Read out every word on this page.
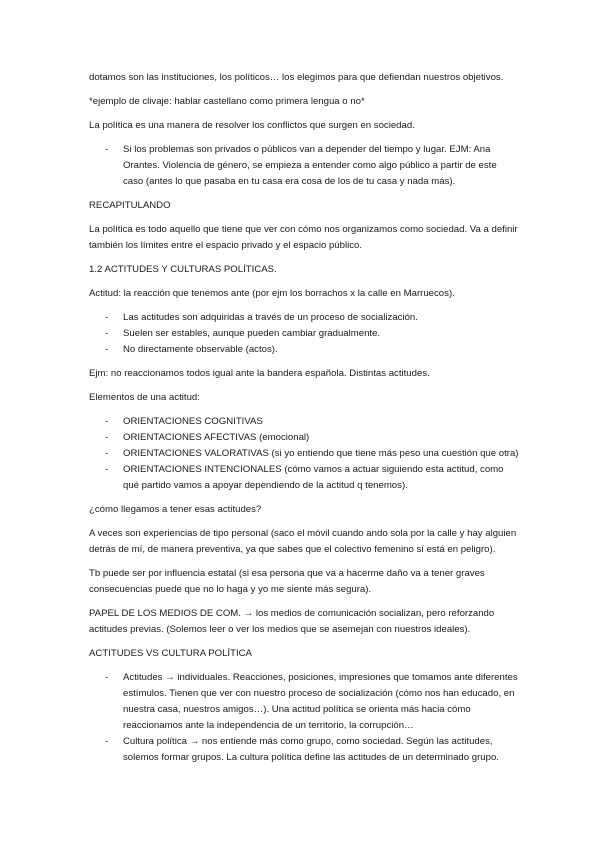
dotamos son las instituciones, los políticos… los elegimos para que defiendan nuestros objetivos.
*ejemplo de clivaje: hablar castellano como primera lengua o no*
La política es una manera de resolver los conflictos que surgen en sociedad.
- Si los problemas son privados o públicos van a depender del tiempo y lugar. EJM: Ana Orantes. Violencia de género, se empieza a entender como algo público a partir de este caso (antes lo que pasaba en tu casa era cosa de los de tu casa y nada más).
RECAPITULANDO
La política es todo aquello que tiene que ver con cómo nos organizamos como sociedad. Va a definir también los límites entre el espacio privado y el espacio público.
1.2 ACTITUDES Y CULTURAS POLÍTICAS.
Actitud: la reacción que tenemos ante (por ejm los borrachos x la calle en Marruecos).
- Las actitudes son adquiridas a través de un proceso de socialización.
- Suelen ser estables, aunque pueden cambiar gradualmente.
- No directamente observable (actos).
Ejm: no reaccionamos todos igual ante la bandera española. Distintas actitudes.
Elementos de una actitud:
- ORIENTACIONES COGNITIVAS
- ORIENTACIONES AFECTIVAS (emocional)
- ORIENTACIONES VALORATIVAS (si yo entiendo que tiene más peso una cuestión que otra)
- ORIENTACIONES INTENCIONALES (cómo vamos a actuar siguiendo esta actitud, como qué partido vamos a apoyar dependiendo de la actitud q tenemos).
¿cómo llegamos a tener esas actitudes?
A veces son experiencias de tipo personal (saco el móvil cuando ando sola por la calle y hay alguien detrás de mí, de manera preventiva, ya que sabes que el colectivo femenino sí está en peligro).
Tb puede ser por influencia estatal (si esa persona que va a hacerme daño va a tener graves consecuencias puede que no lo haga y yo me siente más segura).
PAPEL DE LOS MEDIOS DE COM. → los medios de comunicación socializan, pero reforzando actitudes previas. (Solemos leer o ver los medios que se asemejan con nuestros ideales).
ACTITUDES VS CULTURA POLÍTICA
- Actitudes → individuales. Reacciones, posiciones, impresiones que tomamos ante diferentes estímulos. Tienen que ver con nuestro proceso de socialización (cómo nos han educado, en nuestra casa, nuestros amigos…). Una actitud política se orienta más hacia cómo reaccionamos ante la independencia de un territorio, la corrupción…
- Cultura política → nos entiende más como grupo, como sociedad. Según las actitudes, solemos formar grupos. La cultura política define las actitudes de un determinado grupo.
